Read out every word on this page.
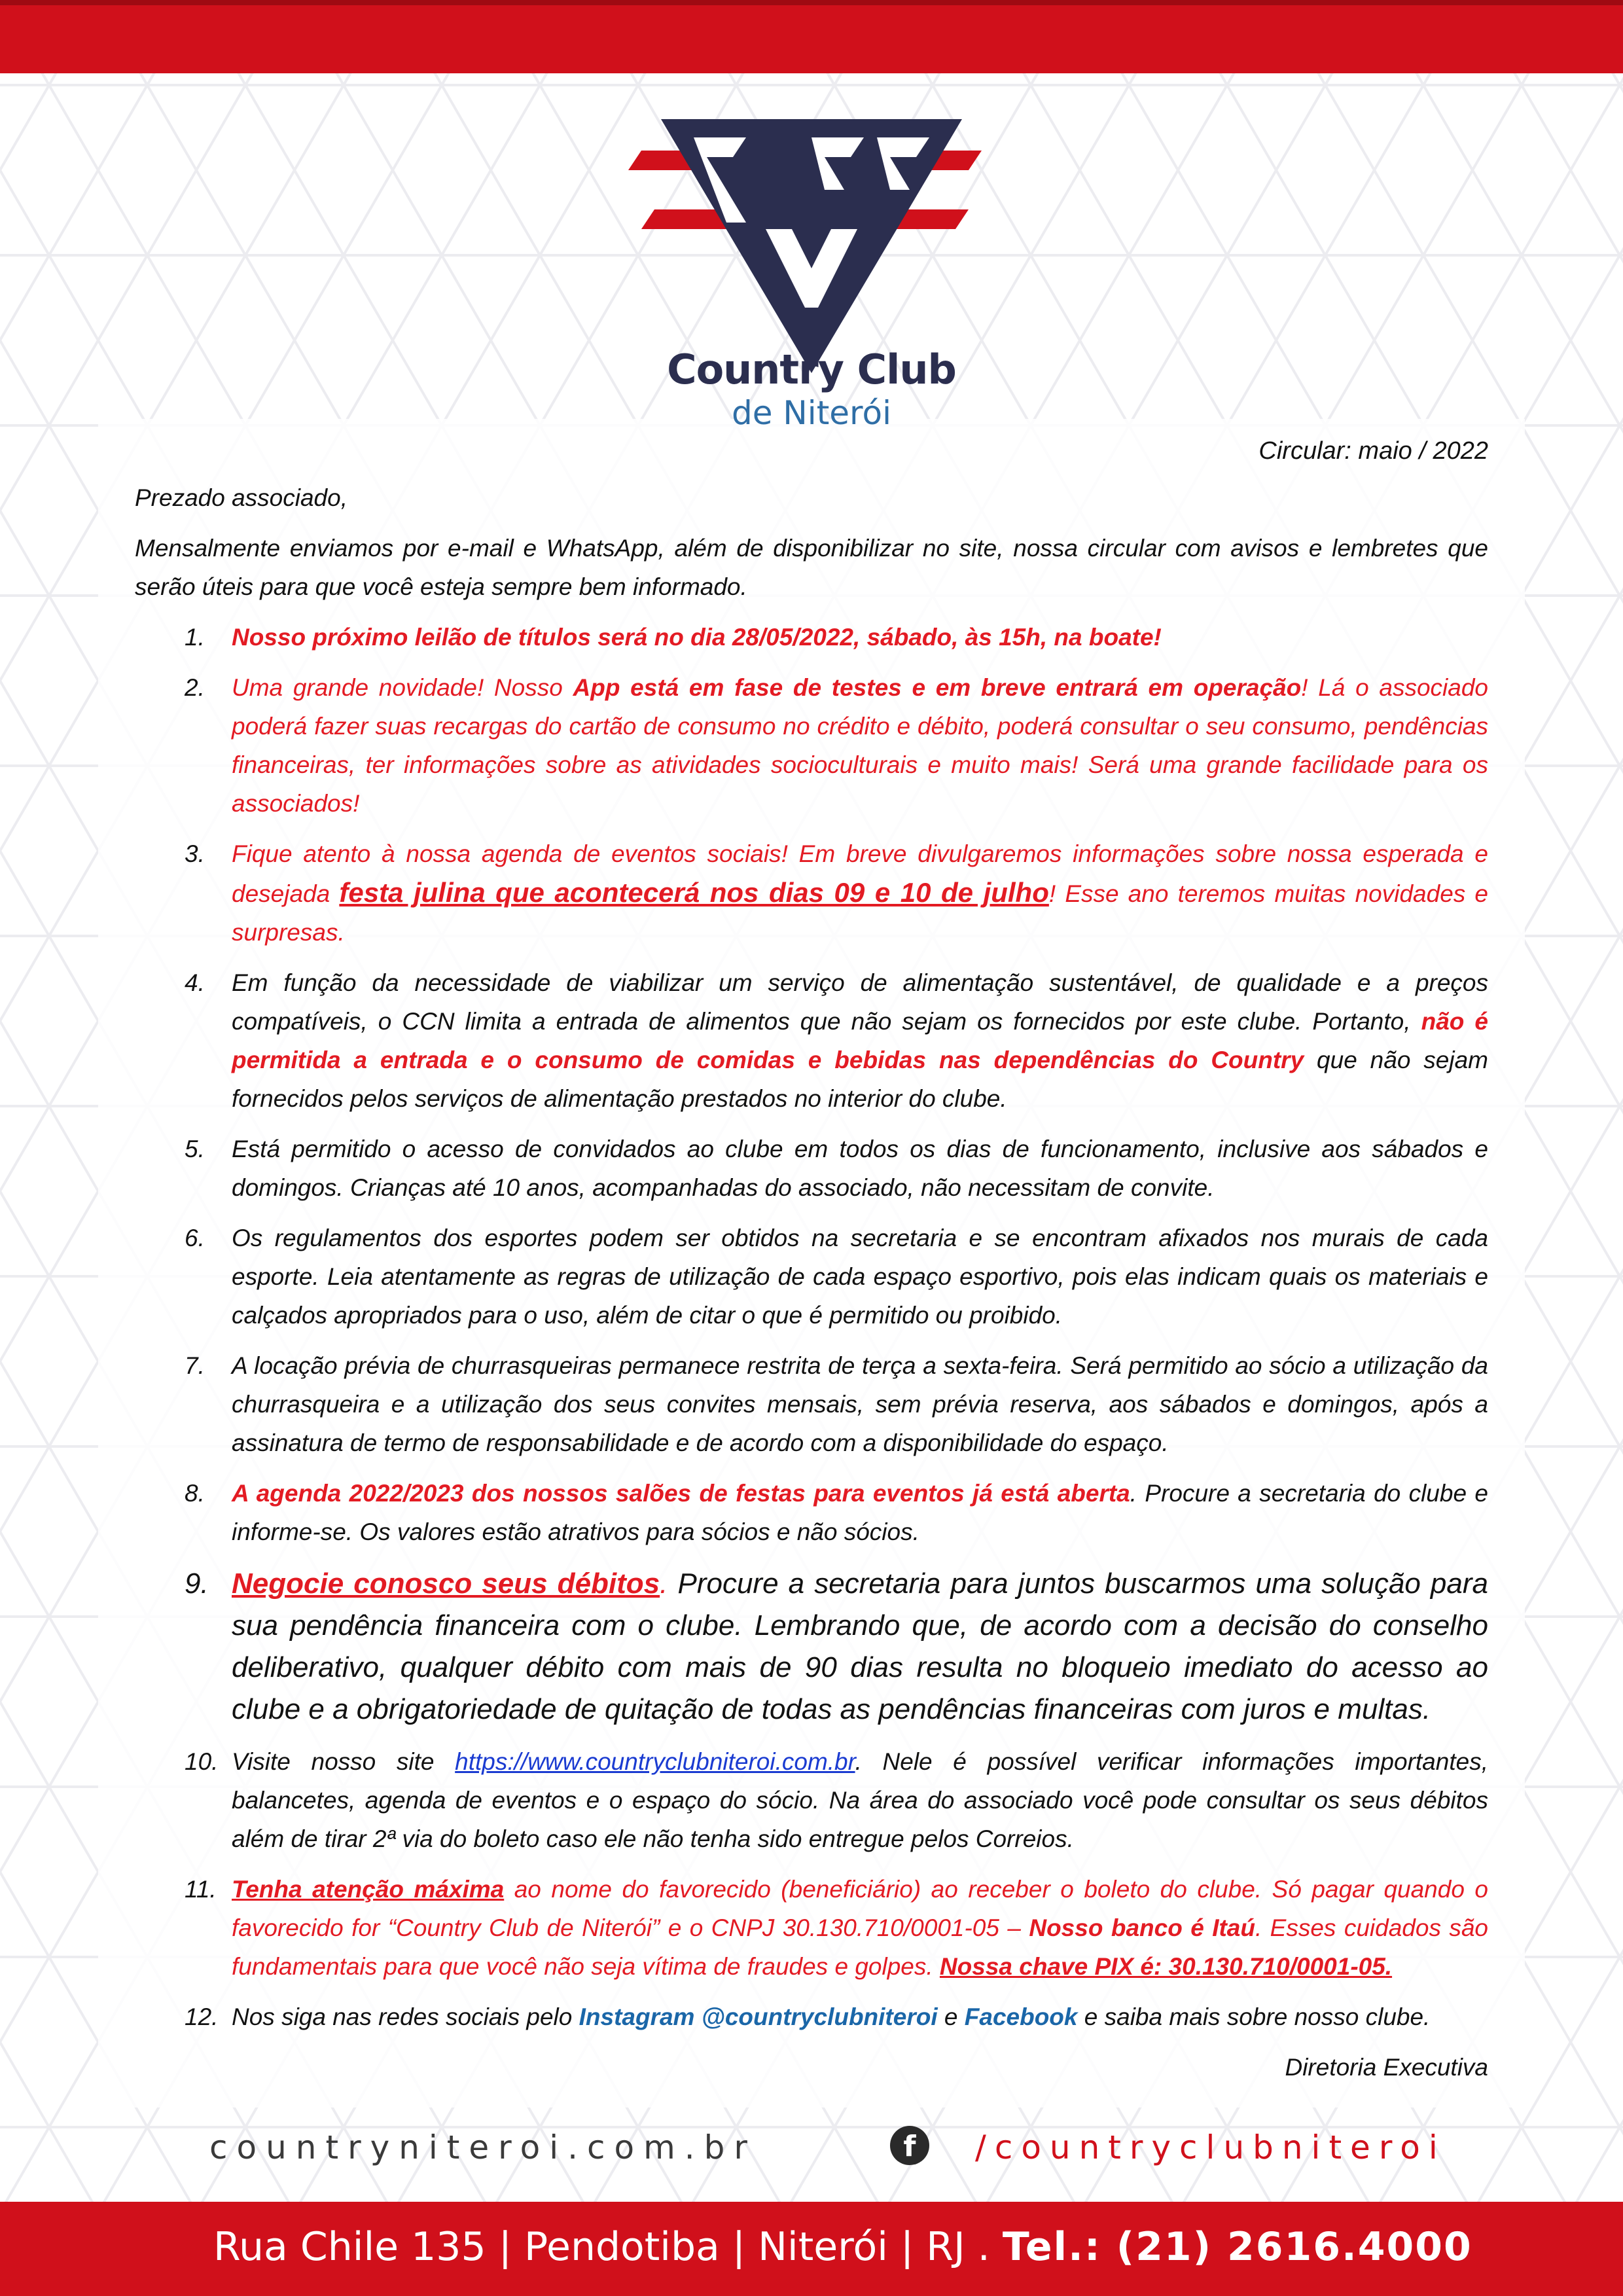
Country Club
de Niterói

Circular: maio / 2022

Prezado associado,

Mensalmente enviamos por e-mail e WhatsApp, além de disponibilizar no site, nossa circular com avisos e lembretes que serão úteis para que você esteja sempre bem informado.

1. Nosso próximo leilão de títulos será no dia 28/05/2022, sábado, às 15h, na boate!
2. Uma grande novidade! Nosso App está em fase de testes e em breve entrará em operação! Lá o associado poderá fazer suas recargas do cartão de consumo no crédito e débito, poderá consultar o seu consumo, pendências financeiras, ter informações sobre as atividades socioculturais e muito mais! Será uma grande facilidade para os associados!
3. Fique atento à nossa agenda de eventos sociais! Em breve divulgaremos informações sobre nossa esperada e desejada festa julina que acontecerá nos dias 09 e 10 de julho! Esse ano teremos muitas novidades e surpresas.
4. Em função da necessidade de viabilizar um serviço de alimentação sustentável, de qualidade e a preços compatíveis, o CCN limita a entrada de alimentos que não sejam os fornecidos por este clube. Portanto, não é permitida a entrada e o consumo de comidas e bebidas nas dependências do Country que não sejam fornecidos pelos serviços de alimentação prestados no interior do clube.
5. Está permitido o acesso de convidados ao clube em todos os dias de funcionamento, inclusive aos sábados e domingos. Crianças até 10 anos, acompanhadas do associado, não necessitam de convite.
6. Os regulamentos dos esportes podem ser obtidos na secretaria e se encontram afixados nos murais de cada esporte. Leia atentamente as regras de utilização de cada espaço esportivo, pois elas indicam quais os materiais e calçados apropriados para o uso, além de citar o que é permitido ou proibido.
7. A locação prévia de churrasqueiras permanece restrita de terça a sexta-feira. Será permitido ao sócio a utilização da churrasqueira e a utilização dos seus convites mensais, sem prévia reserva, aos sábados e domingos, após a assinatura de termo de responsabilidade e de acordo com a disponibilidade do espaço.
8. A agenda 2022/2023 dos nossos salões de festas para eventos já está aberta. Procure a secretaria do clube e informe-se. Os valores estão atrativos para sócios e não sócios.
9. Negocie conosco seus débitos. Procure a secretaria para juntos buscarmos uma solução para sua pendência financeira com o clube. Lembrando que, de acordo com a decisão do conselho deliberativo, qualquer débito com mais de 90 dias resulta no bloqueio imediato do acesso ao clube e a obrigatoriedade de quitação de todas as pendências financeiras com juros e multas.
10. Visite nosso site https://www.countryclubniteroi.com.br. Nele é possível verificar informações importantes, balancetes, agenda de eventos e o espaço do sócio. Na área do associado você pode consultar os seus débitos além de tirar 2ª via do boleto caso ele não tenha sido entregue pelos Correios.
11. Tenha atenção máxima ao nome do favorecido (beneficiário) ao receber o boleto do clube. Só pagar quando o favorecido for “Country Club de Niterói” e o CNPJ 30.130.710/0001-05 – Nosso banco é Itaú. Esses cuidados são fundamentais para que você não seja vítima de fraudes e golpes. Nossa chave PIX é: 30.130.710/0001-05.
12. Nos siga nas redes sociais pelo Instagram @countryclubniteroi e Facebook e saiba mais sobre nosso clube.

Diretoria Executiva

countryniteroi.com.br	f	/countryclubniteroi
Rua Chile 135 | Pendotiba | Niterói | RJ . Tel.: (21) 2616.4000
